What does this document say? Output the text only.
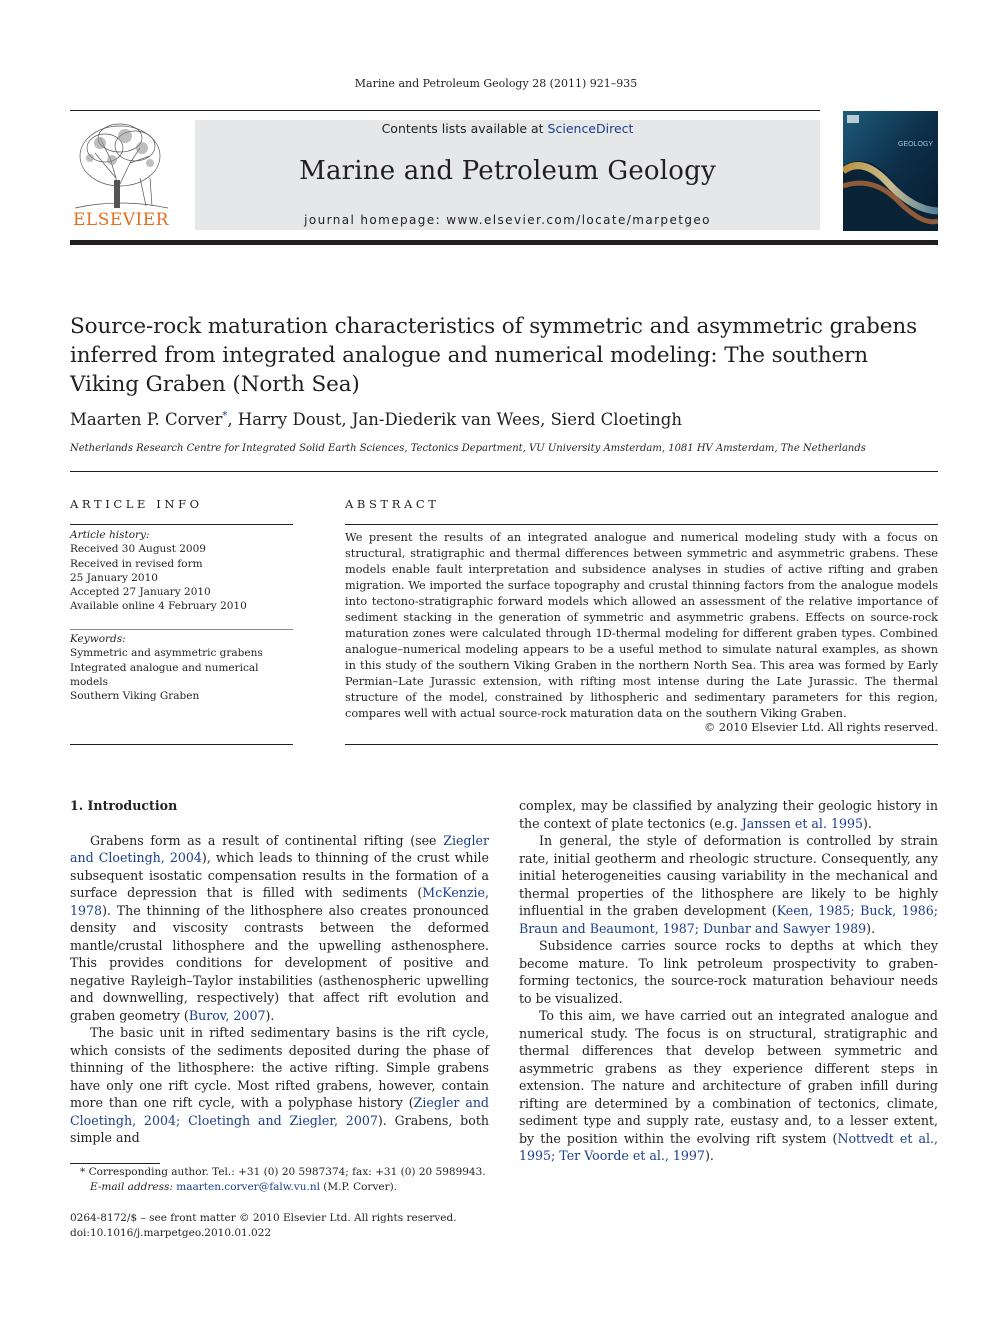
Marine and Petroleum Geology 28 (2011) 921–935
ELSEVIER
Contents lists available at ScienceDirect
Marine and Petroleum Geology
journal homepage: www.elsevier.com/locate/marpetgeo
GEOLOGY
Source-rock maturation characteristics of symmetric and asymmetric grabens inferred from integrated analogue and numerical modeling: The southern Viking Graben (North Sea)
Maarten P. Corver*, Harry Doust, Jan-Diederik van Wees, Sierd Cloetingh
Netherlands Research Centre for Integrated Solid Earth Sciences, Tectonics Department, VU University Amsterdam, 1081 HV Amsterdam, The Netherlands
ARTICLE INFO	ABSTRACT
Article history:
Received 30 August 2009
Received in revised form
25 January 2010
Accepted 27 January 2010
Available online 4 February 2010
Keywords:
Symmetric and asymmetric grabens
Integrated analogue and numerical models
Southern Viking Graben
We present the results of an integrated analogue and numerical modeling study with a focus on structural, stratigraphic and thermal differences between symmetric and asymmetric grabens. These models enable fault interpretation and subsidence analyses in studies of active rifting and graben migration. We imported the surface topography and crustal thinning factors from the analogue models into tectono-stratigraphic forward models which allowed an assessment of the relative importance of sediment stacking in the generation of symmetric and asymmetric grabens. Effects on source-rock maturation zones were calculated through 1D-thermal modeling for different graben types. Combined analogue–numerical modeling appears to be a useful method to simulate natural examples, as shown in this study of the southern Viking Graben in the northern North Sea. This area was formed by Early Permian–Late Jurassic extension, with rifting most intense during the Late Jurassic. The thermal structure of the model, constrained by lithospheric and sedimentary parameters for this region, compares well with actual source-rock maturation data on the southern Viking Graben.
© 2010 Elsevier Ltd. All rights reserved.
1. Introduction

Grabens form as a result of continental rifting (see Ziegler and Cloetingh, 2004), which leads to thinning of the crust while subsequent isostatic compensation results in the formation of a surface depression that is filled with sediments (McKenzie, 1978). The thinning of the lithosphere also creates pronounced density and viscosity contrasts between the deformed mantle/crustal lithosphere and the upwelling asthenosphere. This provides conditions for development of positive and negative Rayleigh–Taylor instabilities (asthenospheric upwelling and downwelling, respectively) that affect rift evolution and graben geometry (Burov, 2007).

The basic unit in rifted sedimentary basins is the rift cycle, which consists of the sediments deposited during the phase of thinning of the lithosphere: the active rifting. Simple grabens have only one rift cycle. Most rifted grabens, however, contain more than one rift cycle, with a polyphase history (Ziegler and Cloetingh, 2004; Cloetingh and Ziegler, 2007). Grabens, both simple and

complex, may be classified by analyzing their geologic history in the context of plate tectonics (e.g. Janssen et al. 1995).

In general, the style of deformation is controlled by strain rate, initial geotherm and rheologic structure. Consequently, any initial heterogeneities causing variability in the mechanical and thermal properties of the lithosphere are likely to be highly influential in the graben development (Keen, 1985; Buck, 1986; Braun and Beaumont, 1987; Dunbar and Sawyer 1989).

Subsidence carries source rocks to depths at which they become mature. To link petroleum prospectivity to graben-forming tectonics, the source-rock maturation behaviour needs to be visualized.

To this aim, we have carried out an integrated analogue and numerical study. The focus is on structural, stratigraphic and thermal differences that develop between symmetric and asymmetric grabens as they experience different steps in extension. The nature and architecture of graben infill during rifting are determined by a combination of tectonics, climate, sediment type and supply rate, eustasy and, to a lesser extent, by the position within the evolving rift system (Nottvedt et al., 1995; Ter Voorde et al., 1997).

* Corresponding author. Tel.: +31 (0) 20 5987374; fax: +31 (0) 20 5989943.
E-mail address: maarten.corver@falw.vu.nl (M.P. Corver).
0264-8172/$ – see front matter © 2010 Elsevier Ltd. All rights reserved.
doi:10.1016/j.marpetgeo.2010.01.022
